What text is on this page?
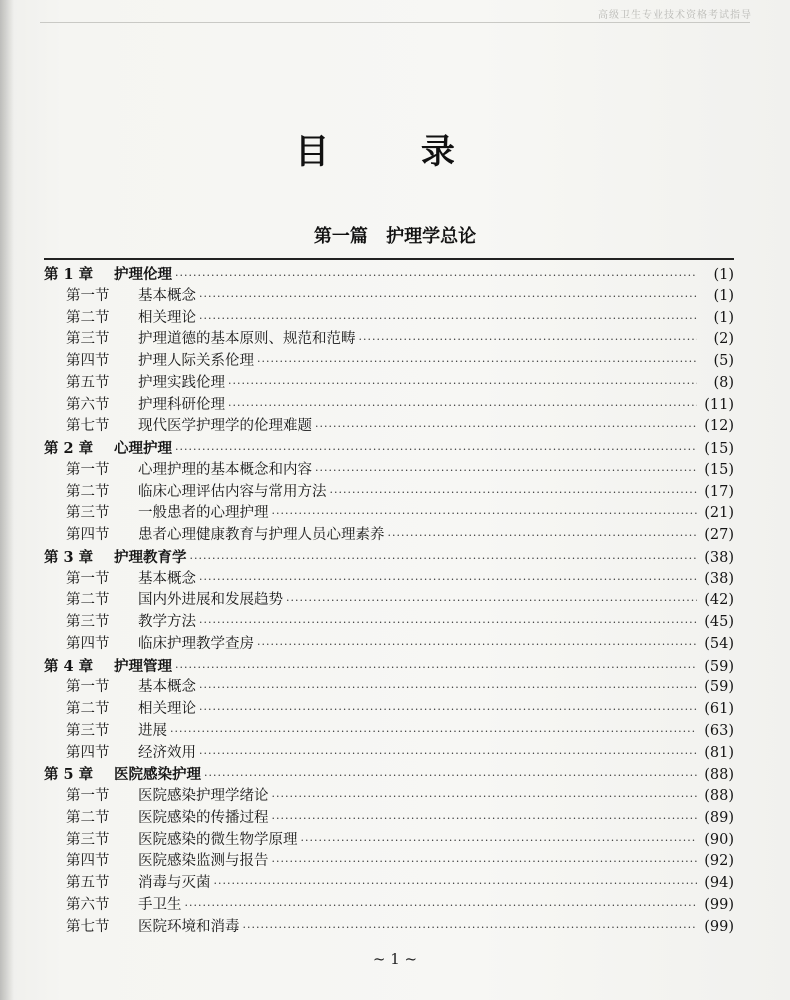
高级卫生专业技术资格考试指导
目 录
第一篇 护理学总论
第 1 章	护理伦理 ·····	(1)
第一节	基本概念 ·····	(1)
第二节	相关理论 ·····	(1)
第三节	护理道德的基本原则、规范和范畴 ·····	(2)
第四节	护理人际关系伦理 ·····	(5)
第五节	护理实践伦理 ·····	(8)
第六节	护理科研伦理 ·····	(11)
第七节	现代医学护理学的伦理难题 ·····	(12)
第 2 章	心理护理 ·····	(15)
第一节	心理护理的基本概念和内容 ·····	(15)
第二节	临床心理评估内容与常用方法 ·····	(17)
第三节	一般患者的心理护理 ·····	(21)
第四节	患者心理健康教育与护理人员心理素养 ·····	(27)
第 3 章	护理教育学 ·····	(38)
第一节	基本概念 ·····	(38)
第二节	国内外进展和发展趋势 ·····	(42)
第三节	教学方法 ·····	(45)
第四节	临床护理教学查房 ·····	(54)
第 4 章	护理管理 ·····	(59)
第一节	基本概念 ·····	(59)
第二节	相关理论 ·····	(61)
第三节	进展 ·····	(63)
第四节	经济效用 ·····	(81)
第 5 章	医院感染护理 ·····	(88)
第一节	医院感染护理学绪论 ·····	(88)
第二节	医院感染的传播过程 ·····	(89)
第三节	医院感染的微生物学原理 ·····	(90)
第四节	医院感染监测与报告 ·····	(92)
第五节	消毒与灭菌 ·····	(94)
第六节	手卫生 ·····	(99)
第七节	医院环境和消毒 ·····	(99)
~ 1 ~
